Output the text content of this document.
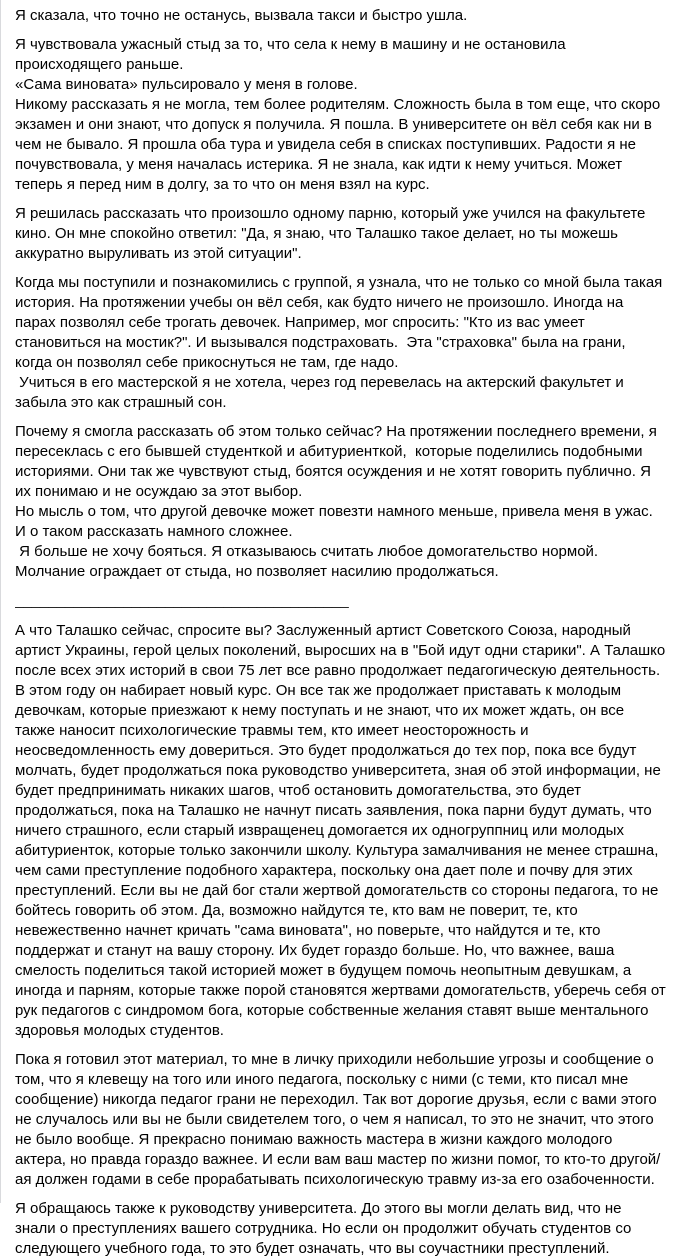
Я сказала, что точно не останусь, вызвала такси и быстро ушла.

Я чувствовала ужасный стыд за то, что села к нему в машину и не остановила происходящего раньше.
«Сама виновата» пульсировало у меня в голове.
Никому рассказать я не могла, тем более родителям. Сложность была в том еще, что скоро экзамен и они знают, что допуск я получила. Я пошла. В университете он вёл себя как ни в чем не бывало. Я прошла оба тура и увидела себя в списках поступивших. Радости я не почувствовала, у меня началась истерика. Я не знала, как идти к нему учиться. Может теперь я перед ним в долгу, за то что он меня взял на курс.

Я решилась рассказать что произошло одному парню, который уже учился на факультете кино. Он мне спокойно ответил: "Да, я знаю, что Талашко такое делает, но ты можешь аккуратно выруливать из этой ситуации".

Когда мы поступили и познакомились с группой, я узнала, что не только со мной была такая история. На протяжении учебы он вёл себя, как будто ничего не произошло. Иногда на парах позволял себе трогать девочек. Например, мог спросить: "Кто из вас умеет становиться на мостик?". И вызывался подстраховать.  Эта "страховка" была на грани, когда он позволял себе прикоснуться не там, где надо.
Учиться в его мастерской я не хотела, через год перевелась на актерский факультет и забыла это как страшный сон.

Почему я смогла рассказать об этом только сейчас? На протяжении последнего времени, я пересеклась с его бывшей студенткой и абитуриенткой,  которые поделились подобными историями. Они так же чувствуют стыд, боятся осуждения и не хотят говорить публично. Я их понимаю и не осуждаю за этот выбор.
Но мысль о том, что другой девочке может повезти намного меньше, привела меня в ужас. И о таком рассказать намного сложнее.
Я больше не хочу бояться. Я отказываюсь считать любое домогательство нормой. Молчание ограждает от стыда, но позволяет насилию продолжаться.

________________________________________

А что Талашко сейчас, спросите вы? Заслуженный артист Советского Союза, народный артист Украины, герой целых поколений, выросших на в "Бой идут одни старики". А Талашко после всех этих историй в свои 75 лет все равно продолжает педагогическую деятельность. В этом году он набирает новый курс. Он все так же продолжает приставать к молодым девочкам, которые приезжают к нему поступать и не знают, что их может ждать, он все также наносит психологические травмы тем, кто имеет неосторожность и неосведомленность ему довериться. Это будет продолжаться до тех пор, пока все будут молчать, будет продолжаться пока руководство университета, зная об этой информации, не будет предпринимать никаких шагов, чтоб остановить домогательства, это будет продолжаться, пока на Талашко не начнут писать заявления, пока парни будут думать, что ничего страшного, если старый извращенец домогается их одногруппниц или молодых абитуриенток, которые только закончили школу. Культура замалчивания не менее страшна, чем сами преступление подобного характера, поскольку она дает поле и почву для этих преступлений. Если вы не дай бог стали жертвой домогательств со стороны педагога, то не бойтесь говорить об этом. Да, возможно найдутся те, кто вам не поверит, те, кто невежественно начнет кричать "сама виновата", но поверьте, что найдутся и те, кто поддержат и станут на вашу сторону. Их будет гораздо больше. Но, что важнее, ваша смелость поделиться такой историей может в будущем помочь неопытным девушкам, а иногда и парням, которые также порой становятся жертвами домогательств, уберечь себя от рук педагогов с синдромом бога, которые собственные желания ставят выше ментального здоровья молодых студентов.

Пока я готовил этот материал, то мне в личку приходили небольшие угрозы и сообщение о том, что я клевещу на того или иного педагога, поскольку с ними (с теми, кто писал мне сообщение) никогда педагог грани не переходил. Так вот дорогие друзья, если с вами этого не случалось или вы не были свидетелем того, о чем я написал, то это не значит, что этого не было вообще. Я прекрасно понимаю важность мастера в жизни каждого молодого актера, но правда гораздо важнее. И если вам ваш мастер по жизни помог, то кто-то другой/ая должен годами в себе прорабатывать психологическую травму из-за его озабоченности.

Я обращаюсь также к руководству университета. До этого вы могли делать вид, что не знали о преступлениях вашего сотрудника. Но если он продолжит обучать студентов со следующего учебного года, то это будет означать, что вы соучастники преступлений.
